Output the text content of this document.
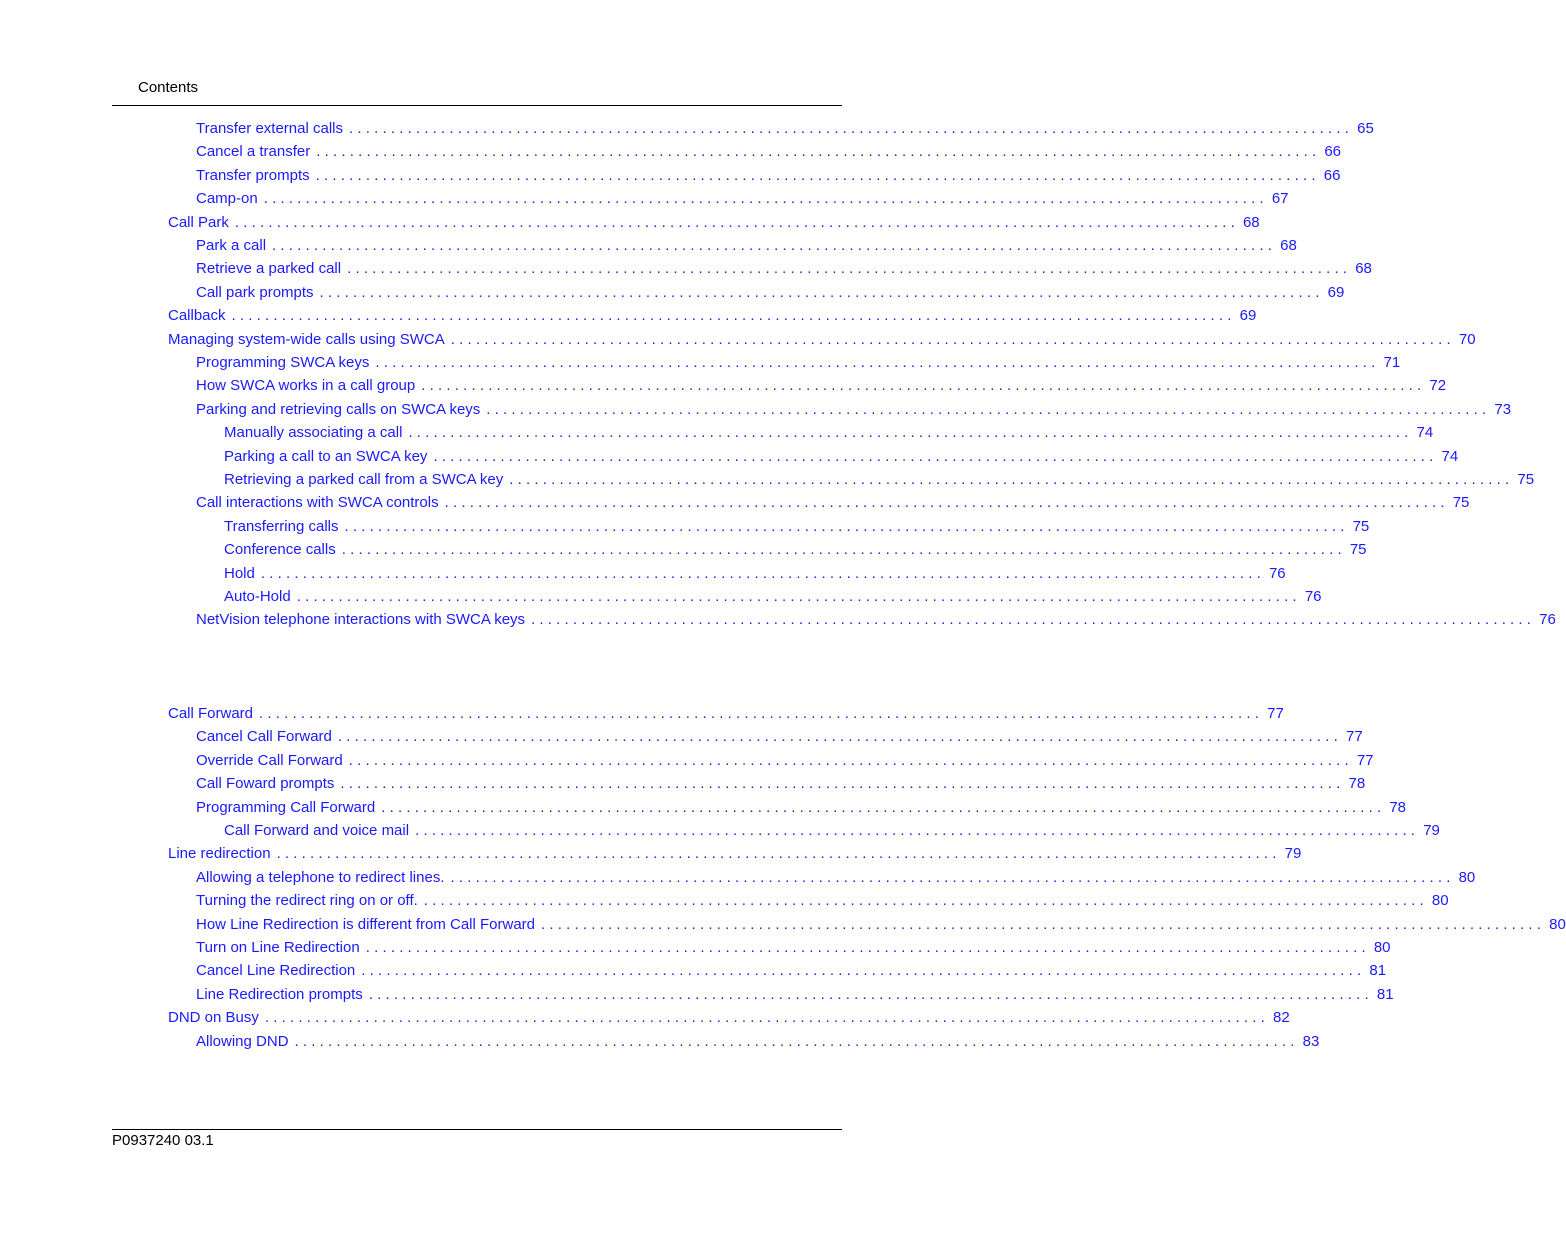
Contents
Transfer external calls ........................................................................................................................ 65
Cancel a transfer ........................................................................................................................ 66
Transfer prompts ........................................................................................................................ 66
Camp-on ........................................................................................................................ 67
Call Park ........................................................................................................................ 68
Park a call ........................................................................................................................ 68
Retrieve a parked call ........................................................................................................................ 68
Call park prompts ........................................................................................................................ 69
Callback ........................................................................................................................ 69
Managing system-wide calls using SWCA ........................................................................................................................ 70
Programming SWCA keys ........................................................................................................................ 71
How SWCA works in a call group ........................................................................................................................ 72
Parking and retrieving calls on SWCA keys ........................................................................................................................ 73
Manually associating a call ........................................................................................................................ 74
Parking a call to an SWCA key ........................................................................................................................ 74
Retrieving a parked call from a SWCA key ........................................................................................................................ 75
Call interactions with SWCA controls ........................................................................................................................ 75
Transferring calls ........................................................................................................................ 75
Conference calls ........................................................................................................................ 75
Hold ........................................................................................................................ 76
Auto-Hold ........................................................................................................................ 76
NetVision telephone interactions with SWCA keys ........................................................................................................................ 76
Call Forward ........................................................................................................................ 77
Cancel Call Forward ........................................................................................................................ 77
Override Call Forward ........................................................................................................................ 77
Call Foward prompts ........................................................................................................................ 78
Programming Call Forward ........................................................................................................................ 78
Call Forward and voice mail ........................................................................................................................ 79
Line redirection ........................................................................................................................ 79
Allowing a telephone to redirect lines. ........................................................................................................................ 80
Turning the redirect ring on or off. ........................................................................................................................ 80
How Line Redirection is different from Call Forward ........................................................................................................................ 80
Turn on Line Redirection ........................................................................................................................ 80
Cancel Line Redirection ........................................................................................................................ 81
Line Redirection prompts ........................................................................................................................ 81
DND on Busy ........................................................................................................................ 82
Allowing DND ........................................................................................................................ 83
P0937240 03.1
